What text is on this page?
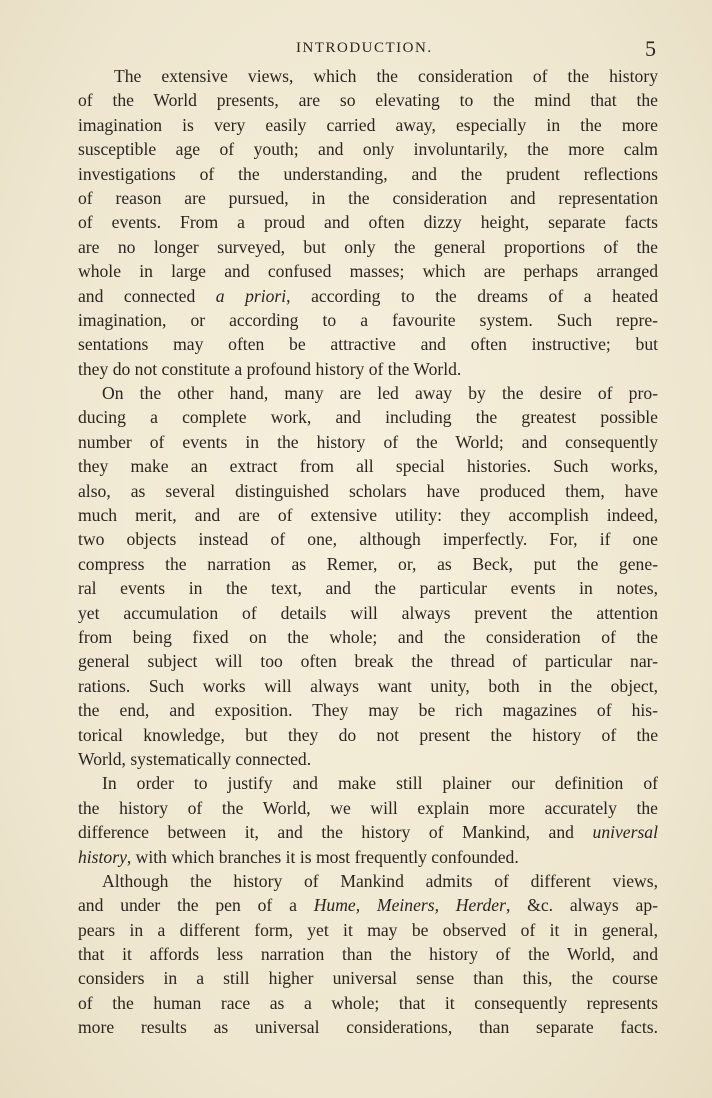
INTRODUCTION.	5
The extensive views, which the consideration of the history
of the World presents, are so elevating to the mind that the
imagination is very easily carried away, especially in the more
susceptible age of youth; and only involuntarily, the more calm
investigations of the understanding, and the prudent reflections
of reason are pursued, in the consideration and representation
of events. From a proud and often dizzy height, separate facts
are no longer surveyed, but only the general proportions of the
whole in large and confused masses; which are perhaps arranged
and connected a priori, according to the dreams of a heated
imagination, or according to a favourite system. Such repre-
sentations may often be attractive and often instructive; but
they do not constitute a profound history of the World.
On the other hand, many are led away by the desire of pro-
ducing a complete work, and including the greatest possible
number of events in the history of the World; and consequently
they make an extract from all special histories. Such works,
also, as several distinguished scholars have produced them, have
much merit, and are of extensive utility: they accomplish indeed,
two objects instead of one, although imperfectly. For, if one
compress the narration as Remer, or, as Beck, put the gene-
ral events in the text, and the particular events in notes,
yet accumulation of details will always prevent the attention
from being fixed on the whole; and the consideration of the
general subject will too often break the thread of particular nar-
rations. Such works will always want unity, both in the object,
the end, and exposition. They may be rich magazines of his-
torical knowledge, but they do not present the history of the
World, systematically connected.
In order to justify and make still plainer our definition of
the history of the World, we will explain more accurately the
difference between it, and the history of Mankind, and universal
history, with which branches it is most frequently confounded.
Although the history of Mankind admits of different views,
and under the pen of a Hume, Meiners, Herder, &c. always ap-
pears in a different form, yet it may be observed of it in general,
that it affords less narration than the history of the World, and
considers in a still higher universal sense than this, the course
of the human race as a whole; that it consequently represents
more results as universal considerations, than separate facts.
